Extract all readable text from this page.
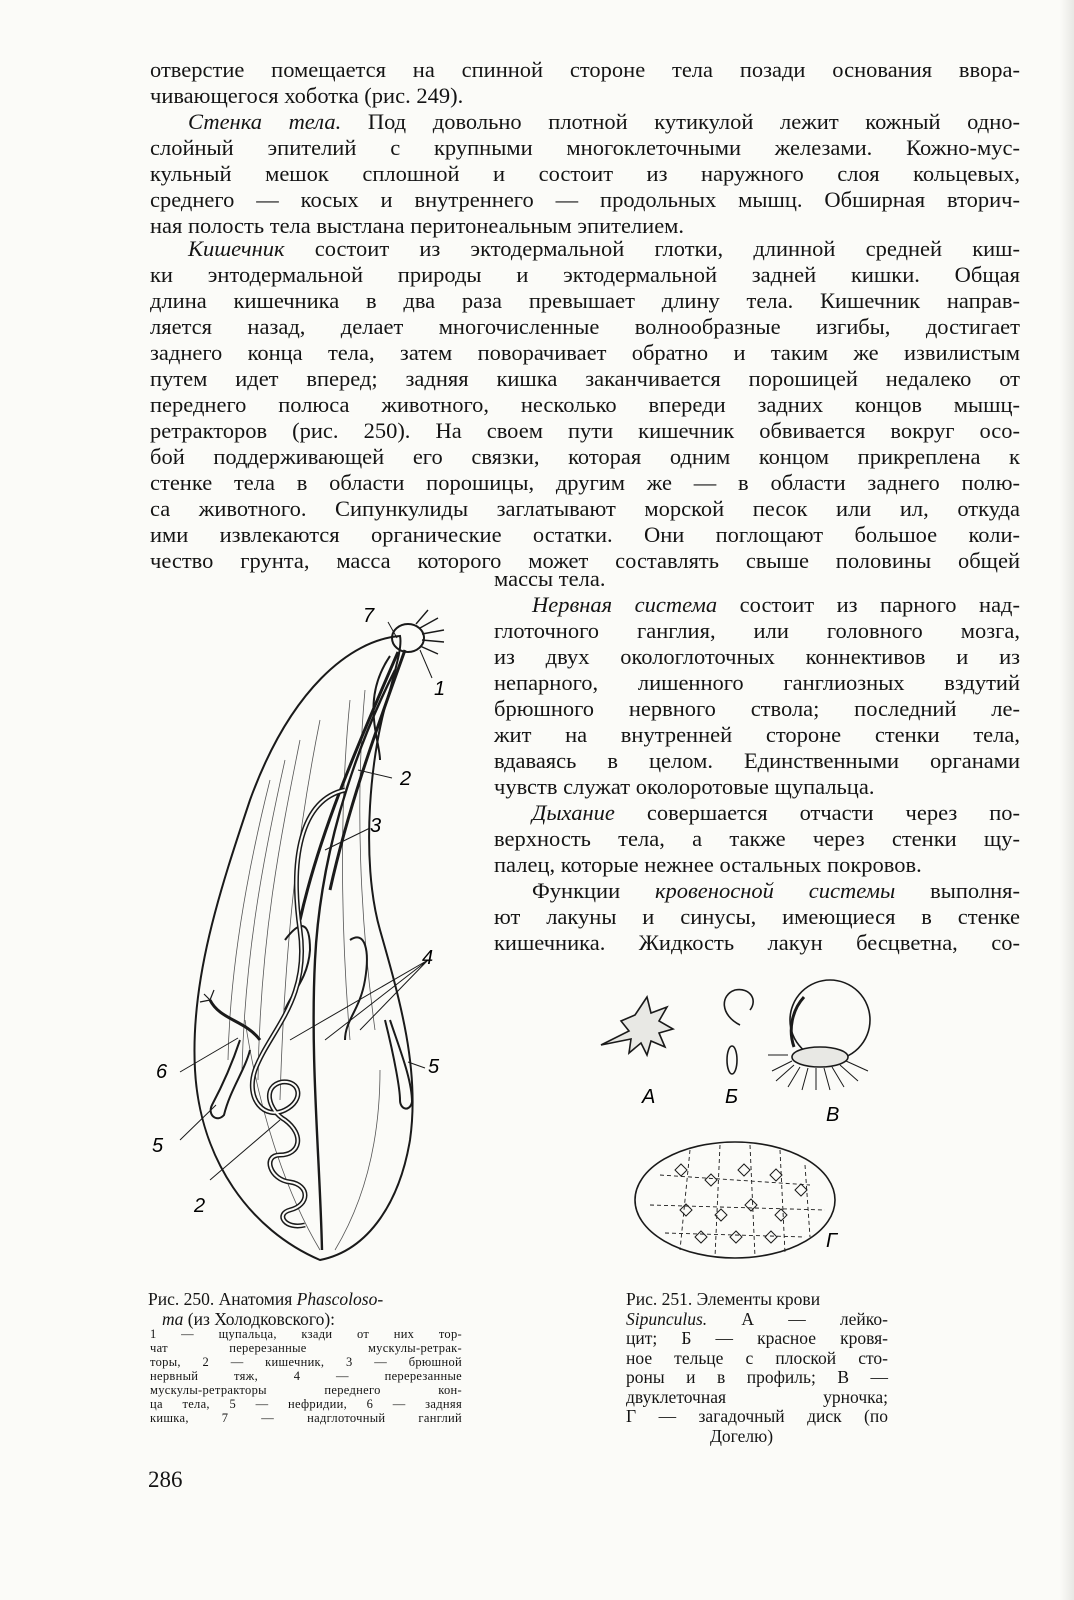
отверстие помещается на спинной стороне тела позади основания ввора-
чивающегося хоботка (рис. 249).
Стенка тела. Под довольно плотной кутикулой лежит кожный одно-
слойный эпителий с крупными многоклеточными железами. Кожно-мус-
кульный мешок сплошной и состоит из наружного слоя кольцевых,
среднего — косых и внутреннего — продольных мышц. Обширная вторич-
ная полость тела выстлана перитонеальным эпителием.
Кишечник состоит из эктодермальной глотки, длинной средней киш-
ки энтодермальной природы и эктодермальной задней кишки. Общая
длина кишечника в два раза превышает длину тела. Кишечник направ-
ляется назад, делает многочисленные волнообразные изгибы, достигает
заднего конца тела, затем поворачивает обратно и таким же извилистым
путем идет вперед; задняя кишка заканчивается порошицей недалеко от
переднего полюса животного, несколько впереди задних концов мышц-
ретракторов (рис. 250). На своем пути кишечник обвивается вокруг осо-
бой поддерживающей его связки, которая одним концом прикреплена к
стенке тела в области порошицы, другим же — в области заднего полю-
са животного. Сипункулиды заглатывают морской песок или ил, откуда
ими извлекаются органические остатки. Они поглощают большое коли-
чество грунта, масса которого может составлять свыше половины общей
массы тела.
Нервная система состоит из парного над-
глоточного ганглия, или головного мозга,
из двух окологлоточных коннективов и из
непарного, лишенного ганглиозных вздутий
брюшного нервного ствола; последний ле-
жит на внутренней стороне стенки тела,
вдаваясь в целом. Единственными органами
чувств служат околоротовые щупальца.
Дыхание совершается отчасти через по-
верхность тела, а также через стенки щу-
палец, которые нежнее остальных покровов.
Функции кровеносной системы выполня-
ют лакуны и синусы, имеющиеся в стенке
кишечника. Жидкость лакун бесцветна, со-
7
1
2
3
4
5
6
5
2
Рис. 250. Анатомия Phascoloso-
ma (из Холодковского):
1 — щупальца, кзади от них тор-
чат перерезанные мускулы-ретрак-
торы, 2 — кишечник, 3 — брюшной
нервный тяж, 4 — перерезанные
мускулы-ретракторы переднего кон-
ца тела, 5 — нефридии, 6 — задняя
кишка, 7 — надглоточный ганглий
А	Б
В
Г
Рис. 251. Элементы крови
Sipunculus. А — лейко-
цит; Б — красное кровя-
ное тельце с плоской сто-
роны и в профиль; В —
двуклеточная урночка;
Г — загадочный диск (по
Догелю)
286
